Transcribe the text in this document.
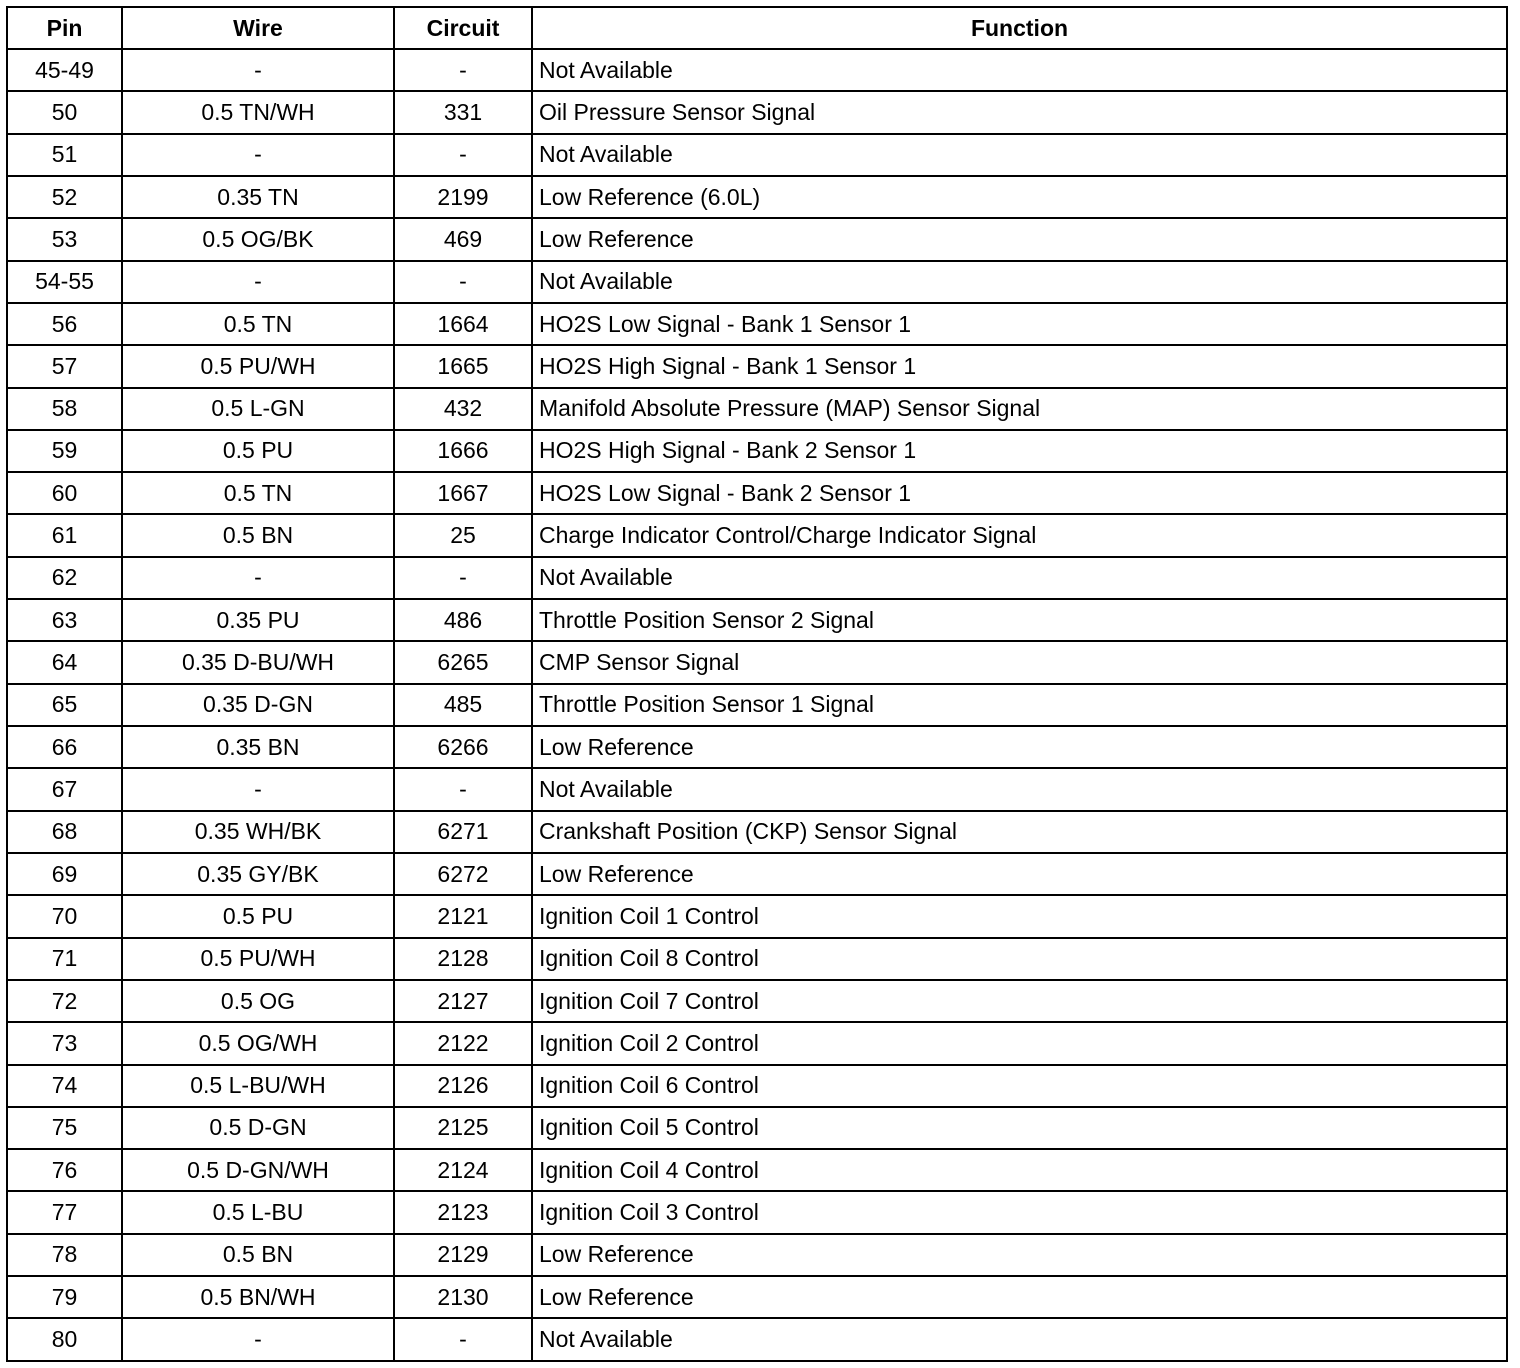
Pin	Wire	Circuit	Function
45-49	-	-	Not Available
50	0.5 TN/WH	331	Oil Pressure Sensor Signal
51	-	-	Not Available
52	0.35 TN	2199	Low Reference (6.0L)
53	0.5 OG/BK	469	Low Reference
54-55	-	-	Not Available
56	0.5 TN	1664	HO2S Low Signal - Bank 1 Sensor 1
57	0.5 PU/WH	1665	HO2S High Signal - Bank 1 Sensor 1
58	0.5 L-GN	432	Manifold Absolute Pressure (MAP) Sensor Signal
59	0.5 PU	1666	HO2S High Signal - Bank 2 Sensor 1
60	0.5 TN	1667	HO2S Low Signal - Bank 2 Sensor 1
61	0.5 BN	25	Charge Indicator Control/Charge Indicator Signal
62	-	-	Not Available
63	0.35 PU	486	Throttle Position Sensor 2 Signal
64	0.35 D-BU/WH	6265	CMP Sensor Signal
65	0.35 D-GN	485	Throttle Position Sensor 1 Signal
66	0.35 BN	6266	Low Reference
67	-	-	Not Available
68	0.35 WH/BK	6271	Crankshaft Position (CKP) Sensor Signal
69	0.35 GY/BK	6272	Low Reference
70	0.5 PU	2121	Ignition Coil 1 Control
71	0.5 PU/WH	2128	Ignition Coil 8 Control
72	0.5 OG	2127	Ignition Coil 7 Control
73	0.5 OG/WH	2122	Ignition Coil 2 Control
74	0.5 L-BU/WH	2126	Ignition Coil 6 Control
75	0.5 D-GN	2125	Ignition Coil 5 Control
76	0.5 D-GN/WH	2124	Ignition Coil 4 Control
77	0.5 L-BU	2123	Ignition Coil 3 Control
78	0.5 BN	2129	Low Reference
79	0.5 BN/WH	2130	Low Reference
80	-	-	Not Available
